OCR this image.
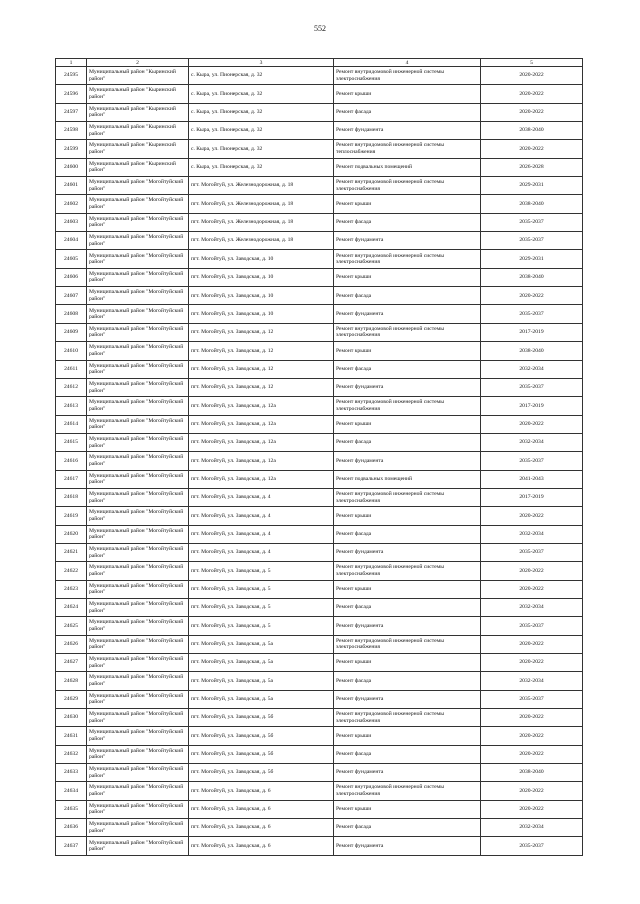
552
1	2	3	4	5
24595	Муниципальный район "Кыринский район"	с. Кыра, ул. Пионерская, д. 32	Ремонт внутридомовой инженерной системы электроснабжения	2020-2022
24596	Муниципальный район "Кыринский район"	с. Кыра, ул. Пионерская, д. 32	Ремонт крыши	2020-2022
24597	Муниципальный район "Кыринский район"	с. Кыра, ул. Пионерская, д. 32	Ремонт фасада	2020-2022
24598	Муниципальный район "Кыринский район"	с. Кыра, ул. Пионерская, д. 32	Ремонт фундамента	2038-2040
24599	Муниципальный район "Кыринский район"	с. Кыра, ул. Пионерская, д. 32	Ремонт внутридомовой инженерной системы теплоснабжения	2020-2022
24600	Муниципальный район "Кыринский район"	с. Кыра, ул. Пионерская, д. 32	Ремонт подвальных помещений	2026-2028
24601	Муниципальный район "Могойтуйский район"	пгт. Могойтуй, ул. Железнодорожная, д. 18	Ремонт внутридомовой инженерной системы электроснабжения	2029-2031
24602	Муниципальный район "Могойтуйский район"	пгт. Могойтуй, ул. Железнодорожная, д. 18	Ремонт крыши	2038-2040
24603	Муниципальный район "Могойтуйский район"	пгт. Могойтуй, ул. Железнодорожная, д. 18	Ремонт фасада	2035-2037
24604	Муниципальный район "Могойтуйский район"	пгт. Могойтуй, ул. Железнодорожная, д. 18	Ремонт фундамента	2035-2037
24605	Муниципальный район "Могойтуйский район"	пгт. Могойтуй, ул. Заводская, д. 10	Ремонт внутридомовой инженерной системы электроснабжения	2029-2031
24606	Муниципальный район "Могойтуйский район"	пгт. Могойтуй, ул. Заводская, д. 10	Ремонт крыши	2038-2040
24607	Муниципальный район "Могойтуйский район"	пгт. Могойтуй, ул. Заводская, д. 10	Ремонт фасада	2020-2022
24608	Муниципальный район "Могойтуйский район"	пгт. Могойтуй, ул. Заводская, д. 10	Ремонт фундамента	2035-2037
24609	Муниципальный район "Могойтуйский район"	пгт. Могойтуй, ул. Заводская, д. 12	Ремонт внутридомовой инженерной системы электроснабжения	2017-2019
24610	Муниципальный район "Могойтуйский район"	пгт. Могойтуй, ул. Заводская, д. 12	Ремонт крыши	2038-2040
24611	Муниципальный район "Могойтуйский район"	пгт. Могойтуй, ул. Заводская, д. 12	Ремонт фасада	2032-2034
24612	Муниципальный район "Могойтуйский район"	пгт. Могойтуй, ул. Заводская, д. 12	Ремонт фундамента	2035-2037
24613	Муниципальный район "Могойтуйский район"	пгт. Могойтуй, ул. Заводская, д. 12а	Ремонт внутридомовой инженерной системы электроснабжения	2017-2019
24614	Муниципальный район "Могойтуйский район"	пгт. Могойтуй, ул. Заводская, д. 12а	Ремонт крыши	2020-2022
24615	Муниципальный район "Могойтуйский район"	пгт. Могойтуй, ул. Заводская, д. 12а	Ремонт фасада	2032-2034
24616	Муниципальный район "Могойтуйский район"	пгт. Могойтуй, ул. Заводская, д. 12а	Ремонт фундамента	2035-2037
24617	Муниципальный район "Могойтуйский район"	пгт. Могойтуй, ул. Заводская, д. 12а	Ремонт подвальных помещений	2041-2043
24618	Муниципальный район "Могойтуйский район"	пгт. Могойтуй, ул. Заводская, д. 4	Ремонт внутридомовой инженерной системы электроснабжения	2017-2019
24619	Муниципальный район "Могойтуйский район"	пгт. Могойтуй, ул. Заводская, д. 4	Ремонт крыши	2020-2022
24620	Муниципальный район "Могойтуйский район"	пгт. Могойтуй, ул. Заводская, д. 4	Ремонт фасада	2032-2034
24621	Муниципальный район "Могойтуйский район"	пгт. Могойтуй, ул. Заводская, д. 4	Ремонт фундамента	2035-2037
24622	Муниципальный район "Могойтуйский район"	пгт. Могойтуй, ул. Заводская, д. 5	Ремонт внутридомовой инженерной системы электроснабжения	2020-2022
24623	Муниципальный район "Могойтуйский район"	пгт. Могойтуй, ул. Заводская, д. 5	Ремонт крыши	2020-2022
24624	Муниципальный район "Могойтуйский район"	пгт. Могойтуй, ул. Заводская, д. 5	Ремонт фасада	2032-2034
24625	Муниципальный район "Могойтуйский район"	пгт. Могойтуй, ул. Заводская, д. 5	Ремонт фундамента	2035-2037
24626	Муниципальный район "Могойтуйский район"	пгт. Могойтуй, ул. Заводская, д. 5а	Ремонт внутридомовой инженерной системы электроснабжения	2020-2022
24627	Муниципальный район "Могойтуйский район"	пгт. Могойтуй, ул. Заводская, д. 5а	Ремонт крыши	2020-2022
24628	Муниципальный район "Могойтуйский район"	пгт. Могойтуй, ул. Заводская, д. 5а	Ремонт фасада	2032-2034
24629	Муниципальный район "Могойтуйский район"	пгт. Могойтуй, ул. Заводская, д. 5а	Ремонт фундамента	2035-2037
24630	Муниципальный район "Могойтуйский район"	пгт. Могойтуй, ул. Заводская, д. 5б	Ремонт внутридомовой инженерной системы электроснабжения	2020-2022
24631	Муниципальный район "Могойтуйский район"	пгт. Могойтуй, ул. Заводская, д. 5б	Ремонт крыши	2020-2022
24632	Муниципальный район "Могойтуйский район"	пгт. Могойтуй, ул. Заводская, д. 5б	Ремонт фасада	2020-2022
24633	Муниципальный район "Могойтуйский район"	пгт. Могойтуй, ул. Заводская, д. 5б	Ремонт фундамента	2038-2040
24634	Муниципальный район "Могойтуйский район"	пгт. Могойтуй, ул. Заводская, д. 6	Ремонт внутридомовой инженерной системы электроснабжения	2020-2022
24635	Муниципальный район "Могойтуйский район"	пгт. Могойтуй, ул. Заводская, д. 6	Ремонт крыши	2020-2022
24636	Муниципальный район "Могойтуйский район"	пгт. Могойтуй, ул. Заводская, д. 6	Ремонт фасада	2032-2034
24637	Муниципальный район "Могойтуйский район"	пгт. Могойтуй, ул. Заводская, д. 6	Ремонт фундамента	2035-2037
